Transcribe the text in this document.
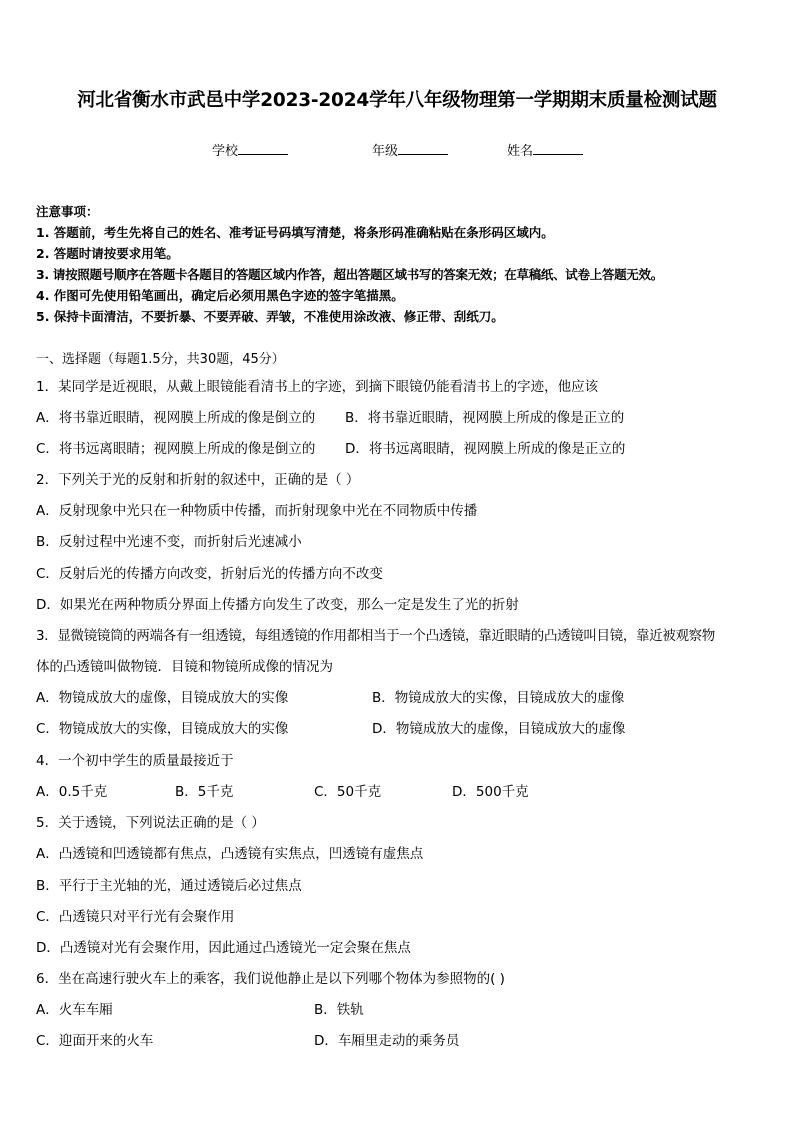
河北省衡水市武邑中学2023-2024学年八年级物理第一学期期末质量检测试题
学校	年级	姓名
注意事项：
1. 答题前，考生先将自己的姓名、准考证号码填写清楚，将条形码准确粘贴在条形码区域内。
2. 答题时请按要求用笔。
3. 请按照题号顺序在答题卡各题目的答题区域内作答，超出答题区域书写的答案无效；在草稿纸、试卷上答题无效。
4. 作图可先使用铅笔画出，确定后必须用黑色字迹的签字笔描黑。
5. 保持卡面清洁，不要折暴、不要弄破、弄皱，不准使用涂改液、修正带、刮纸刀。
一、选择题（每题1.5分，共30题，45分）
1．某同学是近视眼，从戴上眼镜能看清书上的字迹，到摘下眼镜仍能看清书上的字迹，他应该
A．将书靠近眼睛，视网膜上所成的像是倒立的 B．将书靠近眼睛，视网膜上所成的像是正立的
C．将书远离眼睛；视网膜上所成的像是倒立的 D．将书远离眼睛，视网膜上所成的像是正立的
2．下列关于光的反射和折射的叙述中，正确的是（ ）
A．反射现象中光只在一种物质中传播，而折射现象中光在不同物质中传播
B．反射过程中光速不变，而折射后光速减小
C．反射后光的传播方向改变，折射后光的传播方向不改变
D．如果光在两种物质分界面上传播方向发生了改变，那么一定是发生了光的折射
3．显微镜镜筒的两端各有一组透镜，每组透镜的作用都相当于一个凸透镜，靠近眼睛的凸透镜叫目镜，靠近被观察物
体的凸透镜叫做物镜．目镜和物镜所成像的情况为
A．物镜成放大的虚像，目镜成放大的实像	B．物镜成放大的实像，目镜成放大的虚像
C．物镜成放大的实像，目镜成放大的实像	D．物镜成放大的虚像，目镜成放大的虚像
4．一个初中学生的质量最接近于
A．0.5千克	B．5千克	C．50千克	D．500千克
5．关于透镜，下列说法正确的是（ ）
A．凸透镜和凹透镜都有焦点，凸透镜有实焦点，凹透镜有虚焦点
B．平行于主光轴的光，通过透镜后必过焦点
C．凸透镜只对平行光有会聚作用
D．凸透镜对光有会聚作用，因此通过凸透镜光一定会聚在焦点
6．坐在高速行驶火车上的乘客，我们说他静止是以下列哪个物体为参照物的( )
A．火车车厢	B．铁轨
C．迎面开来的火车	D．车厢里走动的乘务员
